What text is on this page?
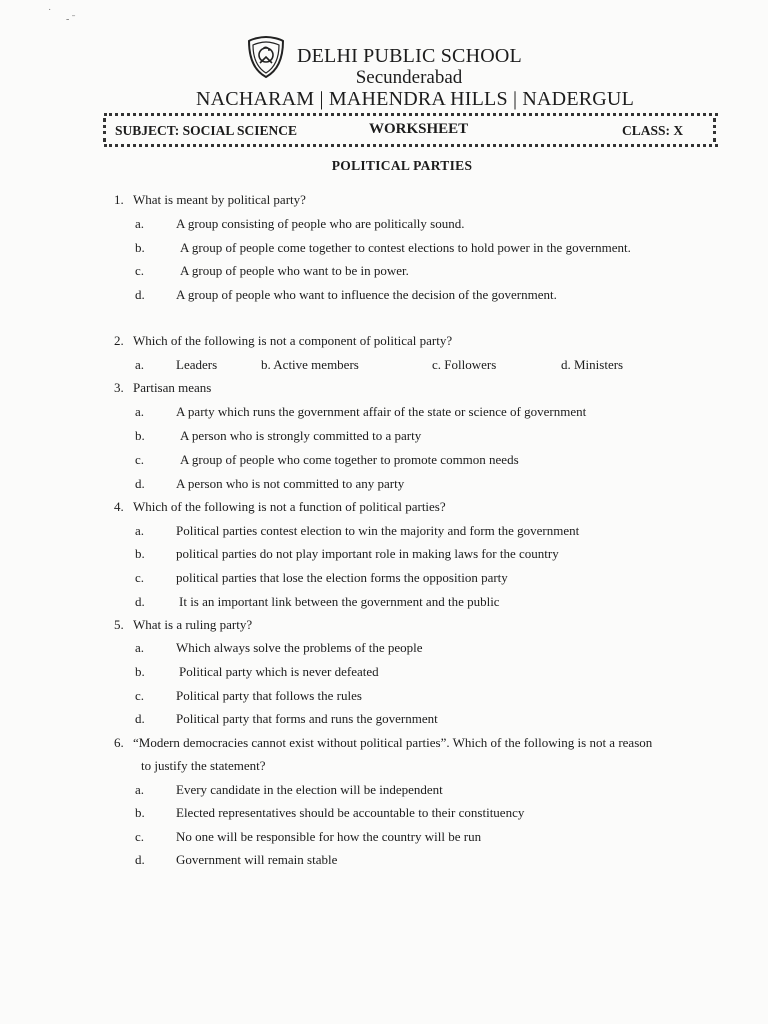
˙
- ˉ
DELHI PUBLIC SCHOOL
Secunderabad
NACHARAM | MAHENDRA HILLS | NADERGUL
SUBJECT: SOCIAL SCIENCE	WORKSHEET	CLASS: X
POLITICAL PARTIES
1. What is meant by political party?
a. A group consisting of people who are politically sound.
b.	A group of people come together to contest elections to hold power in the government.
c.	A group of people who want to be in power.
d. A group of people who want to influence the decision of the government.
2. Which of the following is not a component of political party?
a. Leaders	b. Active members	c. Followers	d. Ministers
3. Partisan means
a. A party which runs the government affair of the state or science of government
b.	A person who is strongly committed to a party
c.	A group of people who come together to promote common needs
d. A person who is not committed to any party
4. Which of the following is not a function of political parties?
a. Political parties contest election to win the majority and form the government
b. political parties do not play important role in making laws for the country
c. political parties that lose the election forms the opposition party
d.	It is an important link between the government and the public
5. What is a ruling party?
a. Which always solve the problems of the people
b.	Political party which is never defeated
c. Political party that follows the rules
d. Political party that forms and runs the government
6. “Modern democracies cannot exist without political parties”. Which of the following is not a reason
to justify the statement?
a. Every candidate in the election will be independent
b. Elected representatives should be accountable to their constituency
c. No one will be responsible for how the country will be run
d. Government will remain stable
